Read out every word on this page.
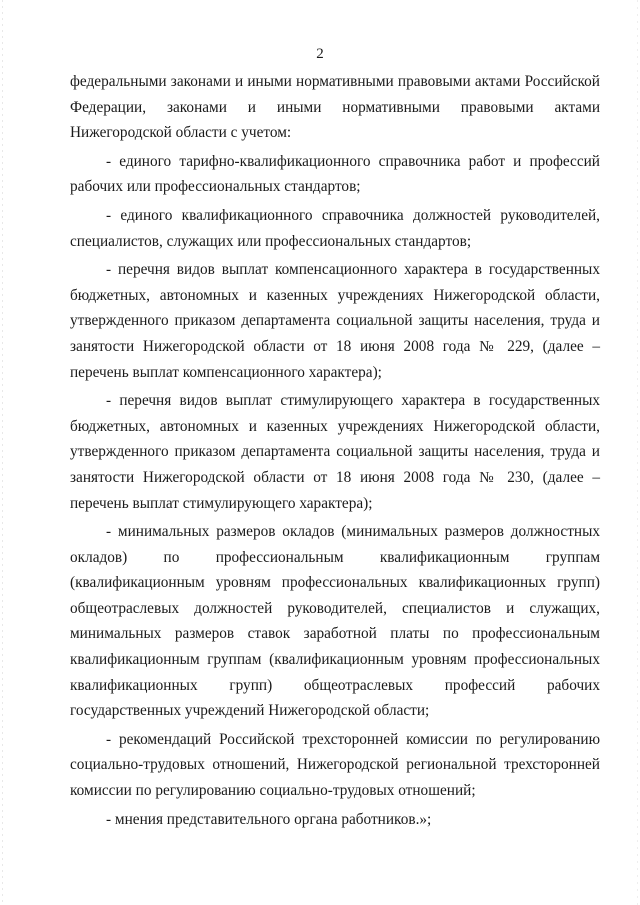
2

федеральными законами и иными нормативными правовыми актами Российской Федерации, законами и иными нормативными правовыми актами Нижегородской области с учетом:

- единого тарифно-квалификационного справочника работ и профессий рабочих или профессиональных стандартов;

- единого квалификационного справочника должностей руководителей, специалистов, служащих или профессиональных стандартов;

- перечня видов выплат компенсационного характера в государственных бюджетных, автономных и казенных учреждениях Нижегородской области, утвержденного приказом департамента социальной защиты населения, труда и занятости Нижегородской области от 18 июня 2008 года № 229, (далее – перечень выплат компенсационного характера);

- перечня видов выплат стимулирующего характера в государственных бюджетных, автономных и казенных учреждениях Нижегородской области, утвержденного приказом департамента социальной защиты населения, труда и занятости Нижегородской области от 18 июня 2008 года № 230, (далее – перечень выплат стимулирующего характера);

- минимальных размеров окладов (минимальных размеров должностных окладов) по профессиональным квалификационным группам (квалификационным уровням профессиональных квалификационных групп) общеотраслевых должностей руководителей, специалистов и служащих, минимальных размеров ставок заработной платы по профессиональным квалификационным группам (квалификационным уровням профессиональных квалификационных групп) общеотраслевых профессий рабочих государственных учреждений Нижегородской области;

- рекомендаций Российской трехсторонней комиссии по регулированию социально-трудовых отношений, Нижегородской региональной трехсторонней комиссии по регулированию социально-трудовых отношений;

- мнения представительного органа работников.»;
